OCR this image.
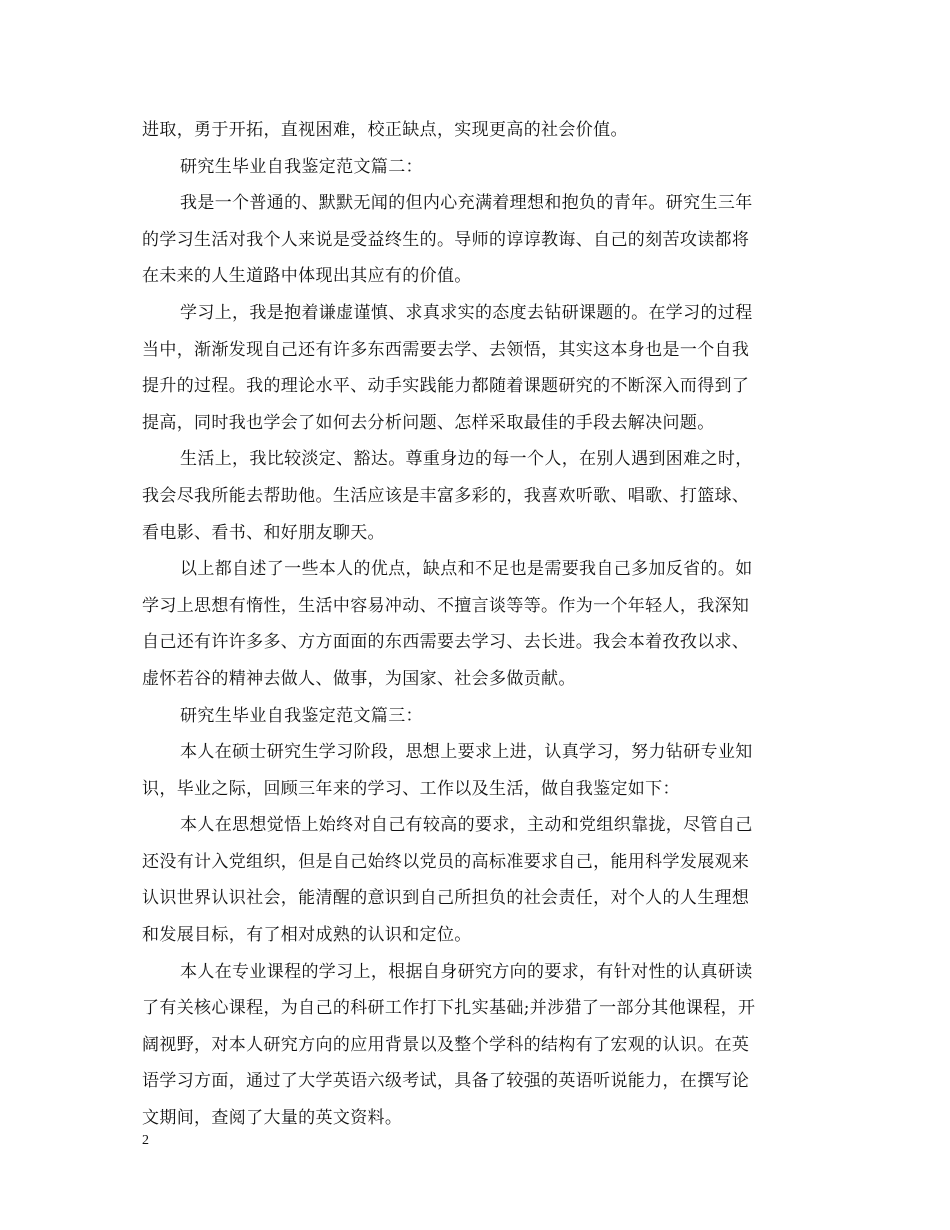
进取，勇于开拓，直视困难，校正缺点，实现更高的社会价值。
研究生毕业自我鉴定范文篇二：
我是一个普通的、默默无闻的但内心充满着理想和抱负的青年。研究生三年
的学习生活对我个人来说是受益终生的。导师的谆谆教诲、自己的刻苦攻读都将
在未来的人生道路中体现出其应有的价值。
学习上，我是抱着谦虚谨慎、求真求实的态度去钻研课题的。在学习的过程
当中，渐渐发现自己还有许多东西需要去学、去领悟，其实这本身也是一个自我
提升的过程。我的理论水平、动手实践能力都随着课题研究的不断深入而得到了
提高，同时我也学会了如何去分析问题、怎样采取最佳的手段去解决问题。
生活上，我比较淡定、豁达。尊重身边的每一个人，在别人遇到困难之时，
我会尽我所能去帮助他。生活应该是丰富多彩的，我喜欢听歌、唱歌、打篮球、
看电影、看书、和好朋友聊天。
以上都自述了一些本人的优点，缺点和不足也是需要我自己多加反省的。如
学习上思想有惰性，生活中容易冲动、不擅言谈等等。作为一个年轻人，我深知
自己还有许许多多、方方面面的东西需要去学习、去长进。我会本着孜孜以求、
虚怀若谷的精神去做人、做事，为国家、社会多做贡献。
研究生毕业自我鉴定范文篇三：
本人在硕士研究生学习阶段，思想上要求上进，认真学习，努力钻研专业知
识，毕业之际，回顾三年来的学习、工作以及生活，做自我鉴定如下：
本人在思想觉悟上始终对自己有较高的要求，主动和党组织靠拢，尽管自己
还没有计入党组织，但是自己始终以党员的高标准要求自己，能用科学发展观来
认识世界认识社会，能清醒的意识到自己所担负的社会责任，对个人的人生理想
和发展目标，有了相对成熟的认识和定位。
本人在专业课程的学习上，根据自身研究方向的要求，有针对性的认真研读
了有关核心课程，为自己的科研工作打下扎实基础;并涉猎了一部分其他课程，开
阔视野，对本人研究方向的应用背景以及整个学科的结构有了宏观的认识。在英
语学习方面，通过了大学英语六级考试，具备了较强的英语听说能力，在撰写论
文期间，查阅了大量的英文资料。
2
